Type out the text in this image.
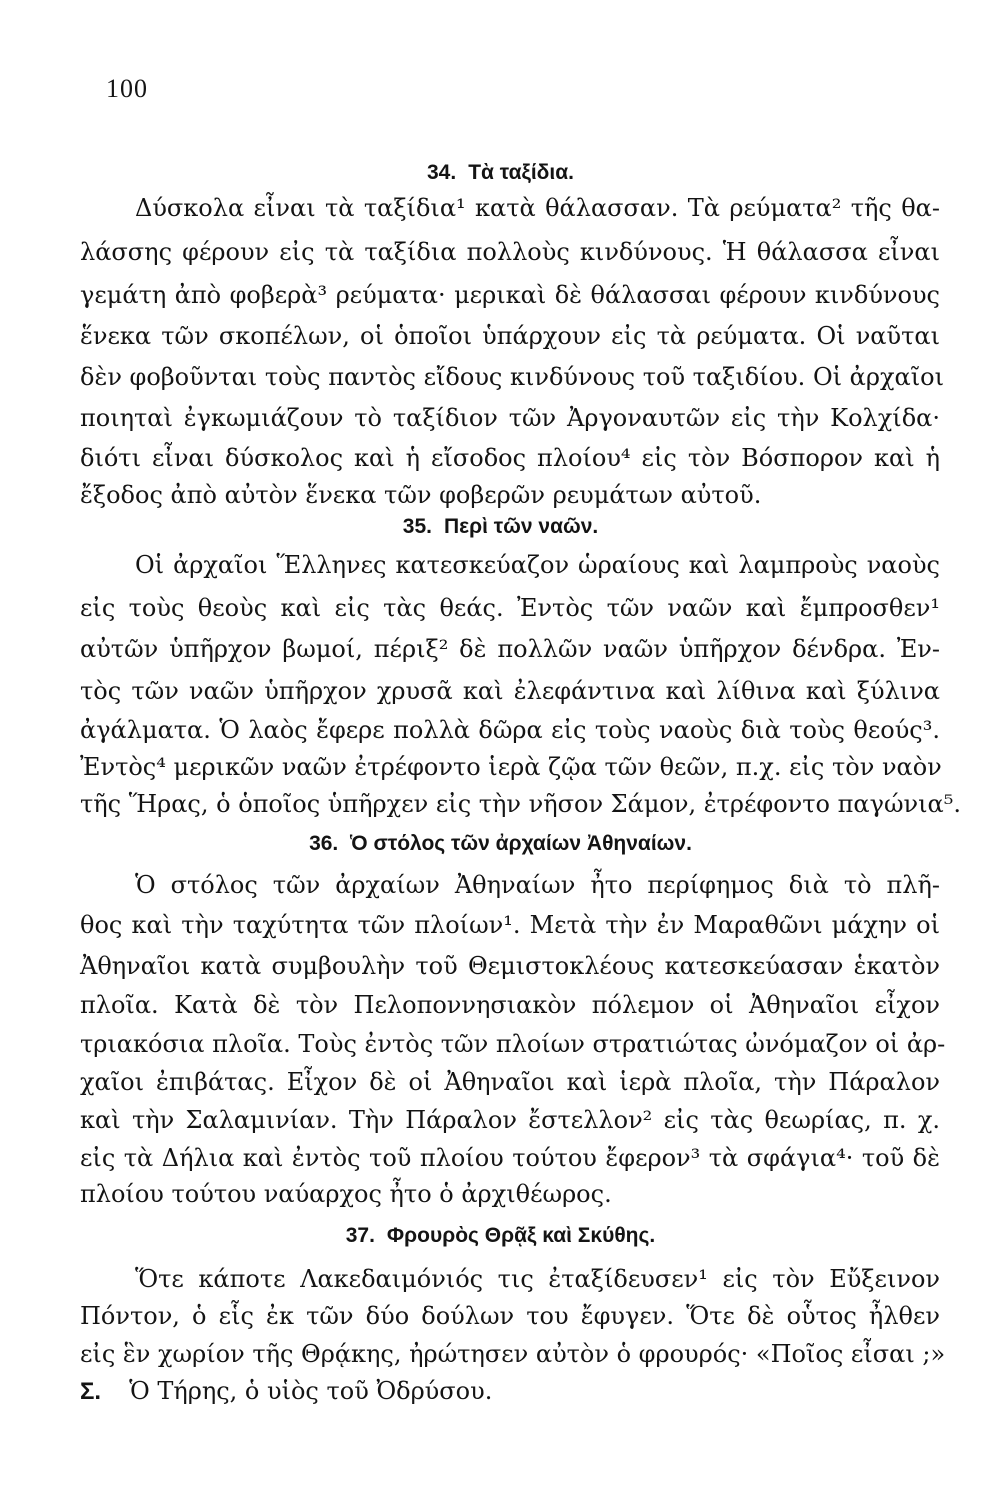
100
34. Τὰ ταξίδια.

Δύσκολα εἶναι τὰ ταξίδια¹ κατὰ θάλασσαν. Τὰ ρεύματα² τῆς θα-

λάσσης φέρουν εἰς τὰ ταξίδια πολλοὺς κινδύνους. Ἡ θάλασσα εἶναι

γεμάτη ἀπὸ φοβερὰ³ ρεύματα· μερικαὶ δὲ θάλασσαι φέρουν κινδύνους

ἕνεκα τῶν σκοπέλων, οἱ ὁποῖοι ὑπάρχουν εἰς τὰ ρεύματα. Οἱ ναῦται

δὲν φοβοῦνται τοὺς παντὸς εἴδους κινδύνους τοῦ ταξιδίου. Οἱ ἀρχαῖοι

ποιηταὶ ἐγκωμιάζουν τὸ ταξίδιον τῶν Ἀργοναυτῶν εἰς τὴν Κολχίδα·

διότι εἶναι δύσκολος καὶ ἡ εἴσοδος πλοίου⁴ εἰς τὸν Βόσπορον καὶ ἡ

ἔξοδος ἀπὸ αὐτὸν ἕνεκα τῶν φοβερῶν ρευμάτων αὐτοῦ.

35. Περὶ τῶν ναῶν.

Οἱ ἀρχαῖοι Ἕλληνες κατεσκεύαζον ὡραίους καὶ λαμπροὺς ναοὺς

εἰς τοὺς θεοὺς καὶ εἰς τὰς θεάς. Ἐντὸς τῶν ναῶν καὶ ἔμπροσθεν¹

αὐτῶν ὑπῆρχον βωμοί, πέριξ² δὲ πολλῶν ναῶν ὑπῆρχον δένδρα. Ἐν-

τὸς τῶν ναῶν ὑπῆρχον χρυσᾶ καὶ ἐλεφάντινα καὶ λίθινα καὶ ξύλινα

ἀγάλματα. Ὁ λαὸς ἔφερε πολλὰ δῶρα εἰς τοὺς ναοὺς διὰ τοὺς θεούς³.

Ἐντὸς⁴ μερικῶν ναῶν ἐτρέφοντο ἱερὰ ζῷα τῶν θεῶν, π.χ. εἰς τὸν ναὸν

τῆς Ἥρας, ὁ ὁποῖος ὑπῆρχεν εἰς τὴν νῆσον Σάμον, ἐτρέφοντο παγώνια⁵.

36. Ὁ στόλος τῶν ἀρχαίων Ἀθηναίων.

Ὁ στόλος τῶν ἀρχαίων Ἀθηναίων ἦτο περίφημος διὰ τὸ πλῆ-

θος καὶ τὴν ταχύτητα τῶν πλοίων¹. Μετὰ τὴν ἐν Μαραθῶνι μάχην οἱ

Ἀθηναῖοι κατὰ συμβουλὴν τοῦ Θεμιστοκλέους κατεσκεύασαν ἑκατὸν

πλοῖα. Κατὰ δὲ τὸν Πελοποννησιακὸν πόλεμον οἱ Ἀθηναῖοι εἶχον

τριακόσια πλοῖα. Τοὺς ἐντὸς τῶν πλοίων στρατιώτας ὠνόμαζον οἱ ἀρ-

χαῖοι ἐπιβάτας. Εἶχον δὲ οἱ Ἀθηναῖοι καὶ ἱερὰ πλοῖα, τὴν Πάραλον

καὶ τὴν Σαλαμινίαν. Τὴν Πάραλον ἔστελλον² εἰς τὰς θεωρίας, π. χ.

εἰς τὰ Δήλια καὶ ἐντὸς τοῦ πλοίου τούτου ἔφερον³ τὰ σφάγια⁴· τοῦ δὲ

πλοίου τούτου ναύαρχος ἦτο ὁ ἀρχιθέωρος.

37. Φρουρὸς Θρᾷξ καὶ Σκύθης.

Ὅτε κάποτε Λακεδαιμόνιός τις ἐταξίδευσεν¹ εἰς τὸν Εὔξεινον

Πόντον, ὁ εἷς ἐκ τῶν δύο δούλων του ἔφυγεν. Ὅτε δὲ οὗτος ἦλθεν

εἰς ἓν χωρίον τῆς Θρᾴκης, ἠρώτησεν αὐτὸν ὁ φρουρός· «Ποῖος εἶσαι ;»

Σ. Ὁ Τήρης, ὁ υἱὸς τοῦ Ὀδρύσου.
